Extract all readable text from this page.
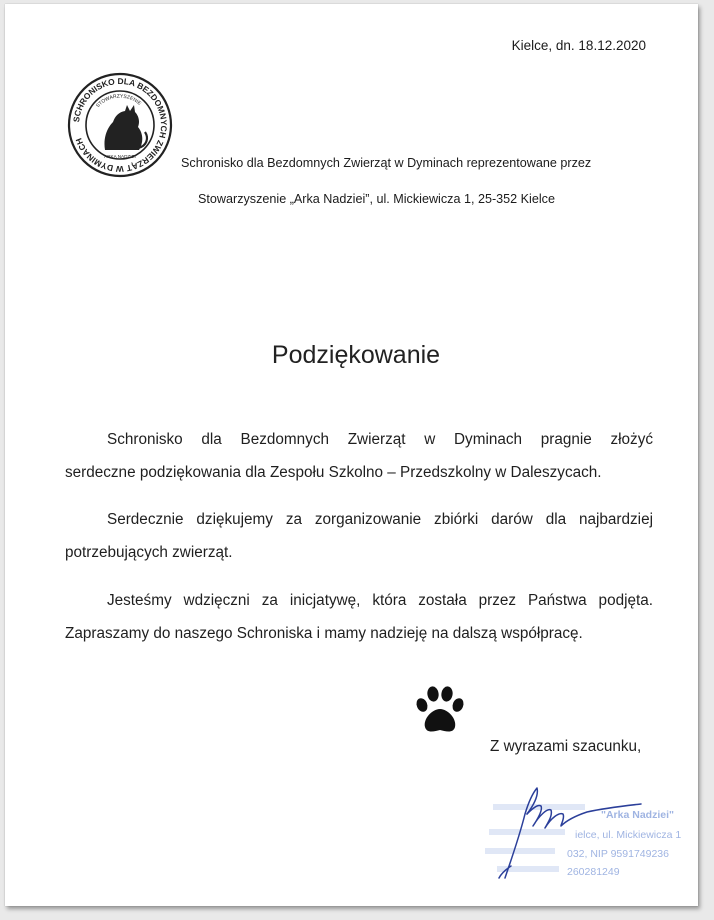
Kielce, dn. 18.12.2020
SCHRONISKO DLA BEZDOMNYCH ZWIERZĄT W DYMINACH
STOWARZYSZENIE
ARKA NADZIEI	Schronisko dla Bezdomnych Zwierząt w Dyminach reprezentowane przez
Stowarzyszenie „Arka Nadziei”, ul. Mickiewicza 1, 25-352 Kielce
Podziękowanie
Schronisko dla Bezdomnych Zwierząt w Dyminach pragnie złożyć
serdeczne podziękowania dla Zespołu Szkolno – Przedszkolny w Daleszycach.
Serdecznie dziękujemy za zorganizowanie zbiórki darów dla najbardziej
potrzebujących zwierząt.
Jesteśmy wdzięczni za inicjatywę, która została przez Państwa podjęta.
Zapraszamy do naszego Schroniska i mamy nadzieję na dalszą współpracę.
Z wyrazami szacunku,
"Arka Nadziei"
ielce, ul. Mickiewicza 1
032, NIP 9591749236
260281249
